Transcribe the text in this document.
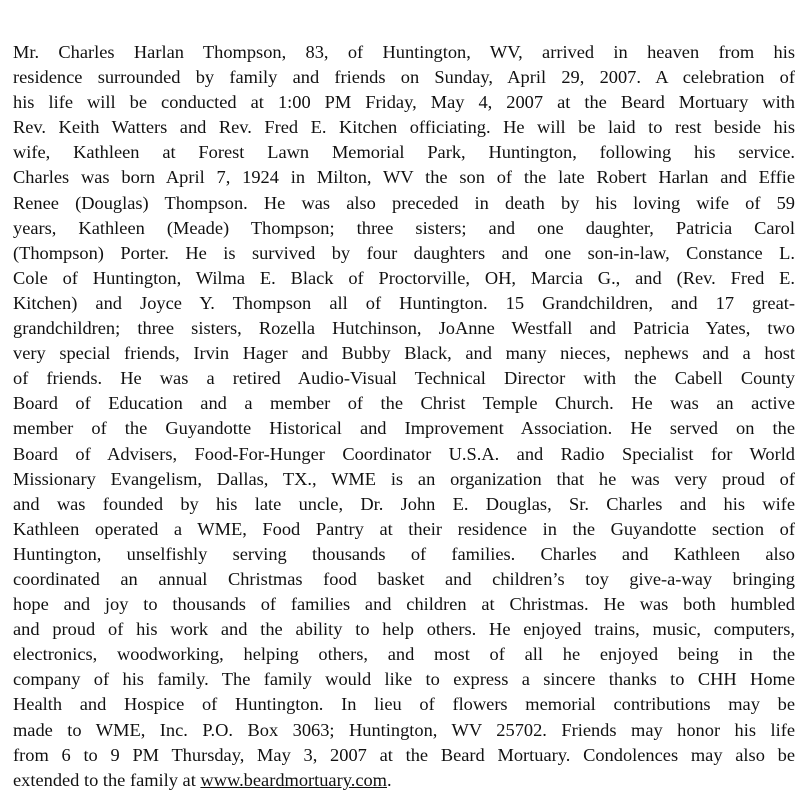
Mr. Charles Harlan Thompson, 83, of Huntington, WV, arrived in heaven from his
residence surrounded by family and friends on Sunday, April 29, 2007. A celebration of
his life will be conducted at 1:00 PM Friday, May 4, 2007 at the Beard Mortuary with
Rev. Keith Watters and Rev. Fred E. Kitchen officiating. He will be laid to rest beside his
wife, Kathleen at Forest Lawn Memorial Park, Huntington, following his service.
Charles was born April 7, 1924 in Milton, WV the son of the late Robert Harlan and Effie
Renee (Douglas) Thompson. He was also preceded in death by his loving wife of 59
years, Kathleen (Meade) Thompson; three sisters; and one daughter, Patricia Carol
(Thompson) Porter. He is survived by four daughters and one son-in-law, Constance L.
Cole of Huntington, Wilma E. Black of Proctorville, OH, Marcia G., and (Rev. Fred E.
Kitchen) and Joyce Y. Thompson all of Huntington. 15 Grandchildren, and 17 great-
grandchildren; three sisters, Rozella Hutchinson, JoAnne Westfall and Patricia Yates, two
very special friends, Irvin Hager and Bubby Black, and many nieces, nephews and a host
of friends. He was a retired Audio-Visual Technical Director with the Cabell County
Board of Education and a member of the Christ Temple Church. He was an active
member of the Guyandotte Historical and Improvement Association. He served on the
Board of Advisers, Food-For-Hunger Coordinator U.S.A. and Radio Specialist for World
Missionary Evangelism, Dallas, TX., WME is an organization that he was very proud of
and was founded by his late uncle, Dr. John E. Douglas, Sr. Charles and his wife
Kathleen operated a WME, Food Pantry at their residence in the Guyandotte section of
Huntington, unselfishly serving thousands of families. Charles and Kathleen also
coordinated an annual Christmas food basket and children’s toy give-a-way bringing
hope and joy to thousands of families and children at Christmas. He was both humbled
and proud of his work and the ability to help others. He enjoyed trains, music, computers,
electronics, woodworking, helping others, and most of all he enjoyed being in the
company of his family. The family would like to express a sincere thanks to CHH Home
Health and Hospice of Huntington. In lieu of flowers memorial contributions may be
made to WME, Inc. P.O. Box 3063; Huntington, WV 25702. Friends may honor his life
from 6 to 9 PM Thursday, May 3, 2007 at the Beard Mortuary. Condolences may also be
extended to the family at www.beardmortuary.com.
